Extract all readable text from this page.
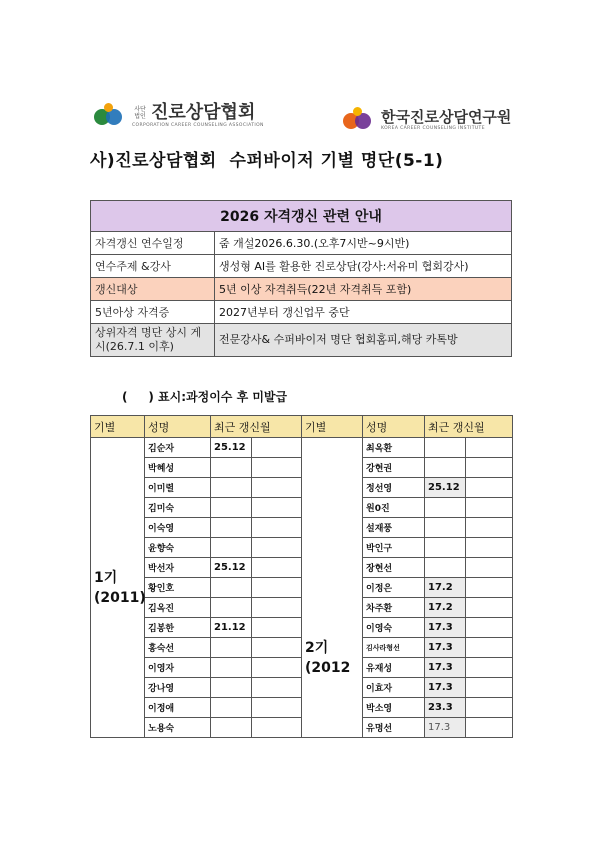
사단법인 진로상담협회
CORPORATION CAREER COUNSELING ASSOCIATION	한국진로상담연구원
KOREA CAREER COUNSELING INSTITUTE
사)진로상담협회  수퍼바이저 기별 명단(5-1)
2026 자격갱신 관련 안내	
자격갱신 연수일정	줌 개설2026.6.30.(오후7시반~9시반)
연수주제 &강사	생성형 AI를 활용한 진로상담(강사:서유미 협회강사)
갱신대상	5년 이상 자격취득(22년 자격취득 포함)
5년아상 자격증	2027년부터 갱신업무 중단
상위자격 명단 상시 게시(26.7.1 이후)	전문강사& 수퍼바이저 명단 협회홈피,해당 카톡방
(     ) 표시:과정이수 후 미발급
기별	성명	최근 갱신월		기별	성명	최근 갱신월	
1기 (2011)	김순자	25.12		2기 (2012	최옥환		
	박혜성				강현권		
	이미렬				정선영	25.12	
	김미숙				원0진		
	이숙영				설재풍		
	윤향숙				박인구		
	박선자	25.12			장현선		
	황인호				이정은	17.2	
	김옥진				차주환	17.2	
	김봉한	21.12			이영숙	17.3	
	홍숙선				김사라형선	17.3	
	이영자				유재성	17.3	
	강나영				이효자	17.3	
	이정애				박소영	23.3	
	노용숙				유명선	17.3	
